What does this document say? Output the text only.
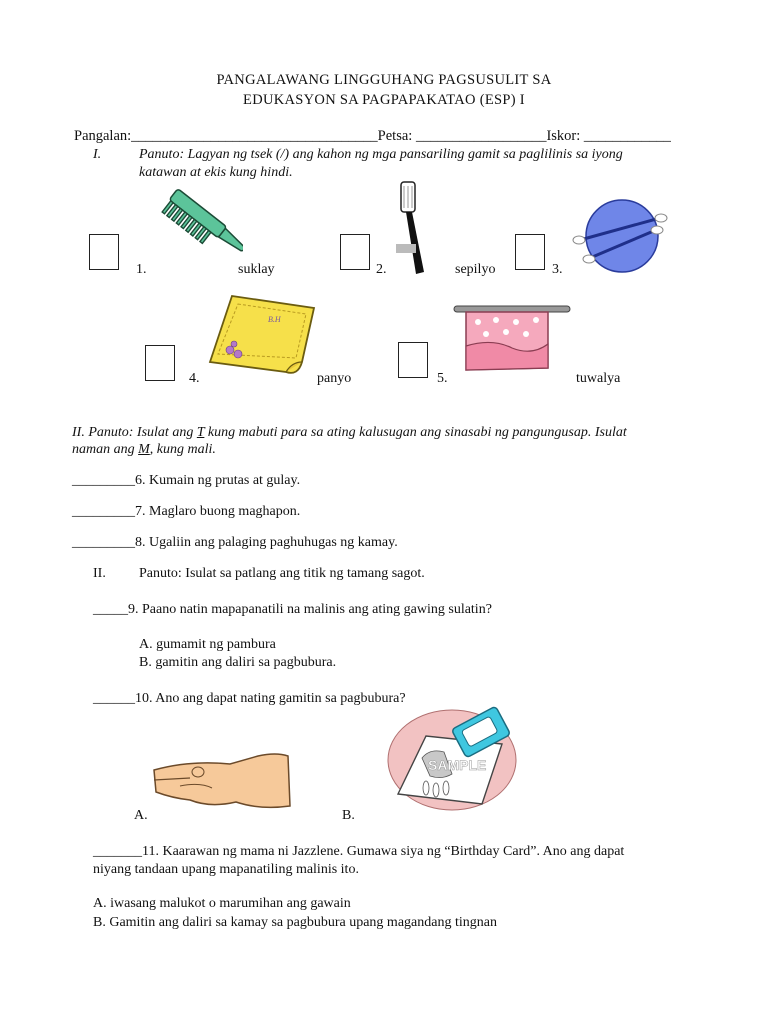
PANGALAWANG LINGGUHANG PAGSUSULIT SA
EDUKASYON SA PAGPAPAKATAO (ESP) I
Pangalan:__________________________________Petsa: __________________Iskor: ____________
I.	Panuto: Lagyan ng tsek (/) ang kahon ng mga pansariling gamit sa paglilinis sa iyong
katawan at ekis kung hindi.
1.	suklay	2.	sepilyo	3.
4.
B.H
panyo	5.	tuwalya
II. Panuto: Isulat ang T kung mabuti para sa ating kalusugan ang sinasabi ng pangungusap. Isulat
naman ang M, kung mali.
_________6. Kumain ng prutas at gulay.
_________7. Maglaro buong maghapon.
_________8. Ugaliin ang palaging paghuhugas ng kamay.
II. Panuto: Isulat sa patlang ang titik ng tamang sagot.
_____9. Paano natin mapapanatili na malinis ang ating gawing sulatin?
A. gumamit ng pambura
B. gamitin ang daliri sa pagbubura.
______10. Ano ang dapat nating gamitin sa pagbubura?
A.
SAMPLE
B.
_______11. Kaarawan ng mama ni Jazzlene. Gumawa siya ng “Birthday Card”. Ano ang dapat
niyang tandaan upang mapanatiling malinis ito.
A. iwasang malukot o marumihan ang gawain
B. Gamitin ang daliri sa kamay sa pagbubura upang magandang tingnan
